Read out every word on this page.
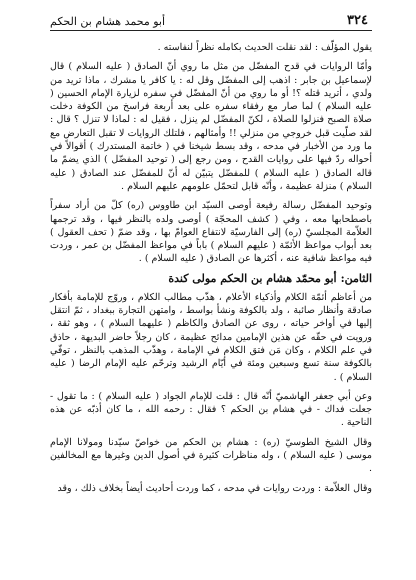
٣٢٤
أبو محمد هشام بن الحكم

يقول المؤلّف : لقد نقلت الحديث بكامله نظراً لنفاسته .

وأمّا الروايات في قدح المفضّل من مثل ما روي أنّ الصادق ( عليه السلام ) قال لإسماعيل بن جابر : اذهب إلى المفضّل وقل له : يا كافر يا مشرك ، ماذا تريد من ولدي ، أتريد قتله ؟! أو ما روي من أنّ المفضّل في سفره لزيارة الإمام الحسين ( عليه السلام ) لما صار مع رفقاء سفره على بعد أربعة فراسخ من الكوفة دخلت صلاة الصبح فنزلوا للصلاة ، لكنّ المفضّل لم ينزل ، فقيل له : لماذا لا تنزل ؟ قال : لقد صلّيت قبل خروجي من منزلي !! وأمثالهم ، فلتلك الروايات لا تقبل التعارض مع ما ورد من الأخبار في مدحه ، وقد بسط شيخنا في ( خاتمة المستدرك ) أقوالاً في أحواله ردّ فيها على روايات القدح ، ومن رجع إلى ( توحيد المفضّل ) الذي يضمّ ما قاله الصادق ( عليه السلام ) للمفضّل يتبيّن له أنّ للمفضّل عند الصادق ( عليه السلام ) منزلة عظيمة ، وأنّه قابل لتحمّل علومهم عليهم السلام .

وتوحيد المفضّل رسالة رفيعة أوصى السيّد ابن طاووس (ره) كلّ من أراد سفراً باصطحابها معه ، وفي ( كشف المحجّة ) أوصى ولده بالنظر فيها ، وقد ترجمها العلاّمة المجلسيّ (ره) إلى الفارسيّة لانتفاع العوامّ بها ، وقد ضمّ ( تحف العقول ) بعد أبواب مواعظ الأئمّة ( عليهم السلام ) باباً في مواعظ المفضّل بن عمر ، وردت فيه مواعظ شافية عنه ، أكثرها عن الصادق ( عليه السلام ) .

الثامن:
أبو محمّد هشام بن الحكم مولى كندة

من أعاظم أئمّة الكلام وأذكياء الأعلام ، هذّب مطالب الكلام ، وروّج للإمامة بأفكار صادقة وأنظار صائبة ، ولد بالكوفة ونشأ بواسط ، وامتهن التجارة ببغداد ، ثمّ انتقل إليها في أواخر حياته ، روى عن الصادق والكاظم ( عليهما السلام ) ، وهو ثقة ، ورويت في حقّه عن هذين الإمامين مدائح عظيمة ، كان رجلاً حاضر البديهة ، حاذق في علم الكلام ، وكان مَن فتق الكلام في الإمامة ، وهذّب المذهب بالنظر ، توفّي بالكوفة سنة تسع وسبعين ومئة في أيّام الرشيد وترحّم عليه الإمام الرضا ( عليه السلام ) .

وعن أبي جعفر الهاشميّ أنّه قال : قلت للإمام الجواد ( عليه السلام ) : ما تقول - جعلت فداك - في هشام بن الحكم ؟ فقال : رحمه الله ، ما كان أذبّه عن هذه الناحية .

وقال الشيخ الطوسيّ (ره) : هشام بن الحكم من خواصّ سيّدنا ومولانا الإمام موسى ( عليه السلام ) ، وله مناظرات كثيرة في أصول الدين وغيرها مع المخالفين .

وقال العلاّمة : وردت روايات في مدحه ، كما وردت أحاديث أيضاً بخلاف ذلك ، وقد
